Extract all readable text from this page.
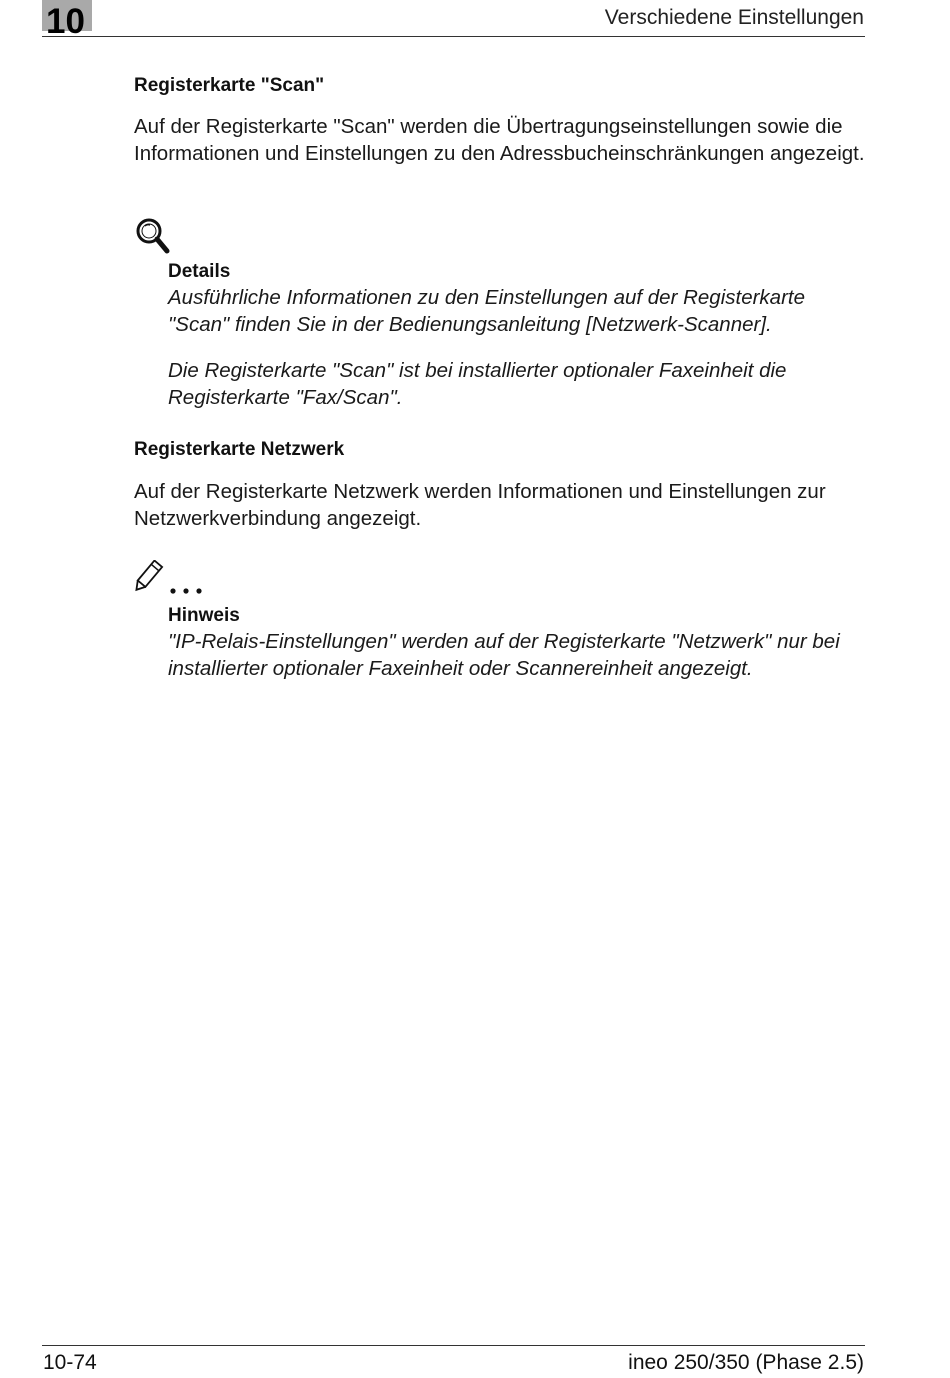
10	Verschiedene Einstellungen
Registerkarte "Scan"
Auf der Registerkarte "Scan" werden die Übertragungseinstellungen sowie die Informationen und Einstellungen zu den Adressbucheinschränkungen angezeigt.
Details
Ausführliche Informationen zu den Einstellungen auf der Registerkarte "Scan" finden Sie in der Bedienungsanleitung [Netzwerk-Scanner].
Die Registerkarte "Scan" ist bei installierter optionaler Faxeinheit die Registerkarte "Fax/Scan".
Registerkarte Netzwerk
Auf der Registerkarte Netzwerk werden Informationen und Einstellungen zur Netzwerkverbindung angezeigt.
Hinweis
"IP-Relais-Einstellungen" werden auf der Registerkarte "Netzwerk" nur bei installierter optionaler Faxeinheit oder Scannereinheit angezeigt.
10-74	ineo 250/350 (Phase 2.5)
